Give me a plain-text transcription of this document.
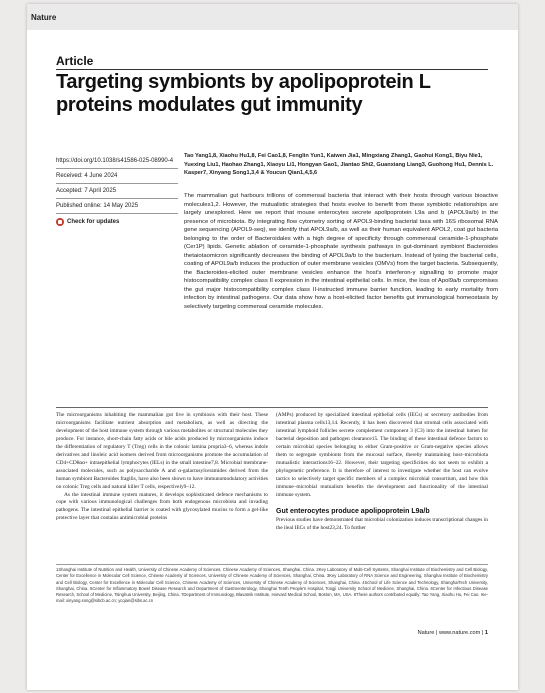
Nature
Article
Targeting symbionts by apolipoprotein L proteins modulates gut immunity
https://doi.org/10.1038/s41586-025-08990-4
Received: 4 June 2024
Accepted: 7 April 2025
Published online: 14 May 2025
Check for updates
Tao Yang1,8, Xiaohu Hu1,8, Fei Cao1,8, Fenglin Yun1, Kaiwen Jia1, Mingxiang Zhang1, Gaohui Kong1, Biyu Nie1, Yuexing Liu1, Haohao Zhang1, Xiaoyu Li1, Hongyan Gao1, Jiantao Shi2, Guanxiang Liang3, Guohong Hu1, Dennis L. Kasper7, Xinyang Song1,3,4 & Youcun Qian1,4,5,6
The mammalian gut harbours trillions of commensal bacteria that interact with their hosts through various bioactive molecules1,2. However, the mutualistic strategies that hosts evolve to benefit from these symbiotic relationships are largely unexplored. Here we report that mouse enterocytes secrete apolipoprotein L9a and b (APOL9a/b) in the presence of microbiota. By integrating flow cytometry sorting of APOL9-binding bacterial taxa with 16S ribosomal RNA gene sequencing (APOL9-seq), we identify that APOL9a/b, as well as their human equivalent APOL2, coat gut bacteria belonging to the order of Bacteroidales with a high degree of specificity through commensal ceramide-1-phosphate (Cer1P) lipids. Genetic ablation of ceramide-1-phosphate synthesis pathways in gut-dominant symbiont Bacteroides thetaiotaomicron significantly decreases the binding of APOL9a/b to the bacterium. Instead of lysing the bacterial cells, coating of APOL9a/b induces the production of outer membrane vesicles (OMVs) from the target bacteria. Subsequently, the Bacteroides-elicited outer membrane vesicles enhance the host's interferon-γ signalling to promote major histocompatibility complex class II expression in the intestinal epithelial cells. In mice, the loss of Apol9a/b compromises the gut major histocompatibility complex class II-instructed immune barrier function, leading to early mortality from infection by intestinal pathogens. Our data show how a host-elicited factor benefits gut immunological homeostasis by selectively targeting commensal ceramide molecules.

The microorganisms inhabiting the mammalian gut live in symbiosis with their host. These microorganisms facilitate nutrient absorption and metabolism, as well as directing the development of the host immune system through various metabolites or structural molecules they produce. For instance, short-chain fatty acids or bile acids produced by microorganisms induce the differentiation of regulatory T (Treg) cells in the colonic lamina propria3–6, whereas indole derivatives and linoleic acid isomers derived from microorganisms promote the accumulation of CD4+CD8αα+ intraepithelial lymphocytes (IELs) in the small intestine7,8. Microbial membrane-associated molecules, such as polysaccharide A and α-galactosylceramides derived from the human symbiont Bacteroides fragilis, have also been shown to have immunomodulatory activities on colonic Treg cells and natural killer T cells, respectively9–12.

As the intestinal immune system matures, it develops sophisticated defence mechanisms to cope with various immunological challenges from both endogenous microbiota and invading pathogens. The intestinal epithelial barrier is coated with glycosylated mucins to form a gel-like protective layer that contains antimicrobial proteins

(AMPs) produced by specialized intestinal epithelial cells (IECs) or secretory antibodies from intestinal plasma cells13,14. Recently, it has been discovered that stromal cells associated with intestinal lymphoid follicles secrete complement component 3 (C3) into the intestinal lumen for bacterial deposition and pathogen clearance15. The binding of these intestinal defence factors to certain microbial species belonging to either Gram-positive or Gram-negative species allows them to segregate symbionts from the mucosal surface, thereby maintaining host–microbiota mutualistic interactions16–22. However, their targeting specificities do not seem to exhibit a phylogenetic preference. It is therefore of interest to investigate whether the host can evolve tactics to selectively target specific members of a complex microbial consortium, and how this immune–microbial mutualism benefits the development and functionality of the intestinal immune system.

Gut enterocytes produce apolipoprotein L9a/b

Previous studies have demonstrated that microbial colonization induces transcriptional changes in the ileal IECs of the host23,24. To further

1Shanghai Institute of Nutrition and Health, University of Chinese Academy of Sciences, Chinese Academy of Sciences, Shanghai, China. 2Key Laboratory of Multi-Cell Systems, Shanghai Institute of Biochemistry and Cell Biology, Center for Excellence in Molecular Cell Science, Chinese Academy of Sciences, University of Chinese Academy of Sciences, Shanghai, China. 3Key Laboratory of RNA Science and Engineering, Shanghai Institute of Biochemistry and Cell Biology, Center for Excellence in Molecular Cell Science, Chinese Academy of Sciences, University of Chinese Academy of Sciences, Shanghai, China. 4School of Life Science and Technology, ShanghaiTech University, Shanghai, China. 5Center for Inflammatory Bowel Disease Research and Department of Gastroenterology, Shanghai Tenth People's Hospital, Tongji University School of Medicine, Shanghai, China. 6Center for Infectious Disease Research, School of Medicine, Tsinghua University, Beijing, China. 7Department of Immunology, Blavatnik Institute, Harvard Medical School, Boston, MA, USA. 8These authors contributed equally: Tao Yang, Xiaohu Hu, Fei Cao. ✉e-mail: xinyang.song@sibcb.ac.cn; ycqian@sibs.ac.cn
Nature | www.nature.com | 1
